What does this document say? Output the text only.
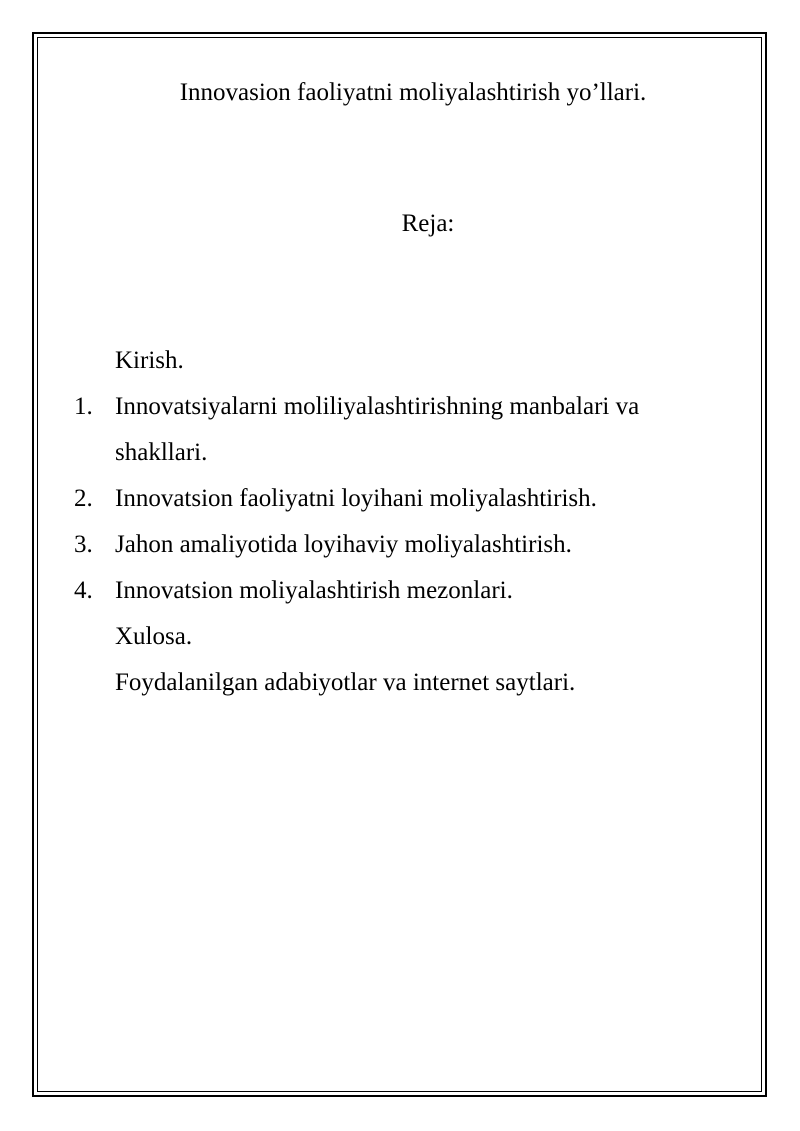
Innovasion faoliyatni moliyalashtirish yo’llari.
Reja:
Kirish.
1. Innovatsiyalarni moliliyalashtirishning manbalari va shakllari.
2. Innovatsion faoliyatni loyihani moliyalashtirish.
3. Jahon amaliyotida loyihaviy moliyalashtirish.
4. Innovatsion moliyalashtirish mezonlari.
Xulosa.
Foydalanilgan adabiyotlar va internet saytlari.
